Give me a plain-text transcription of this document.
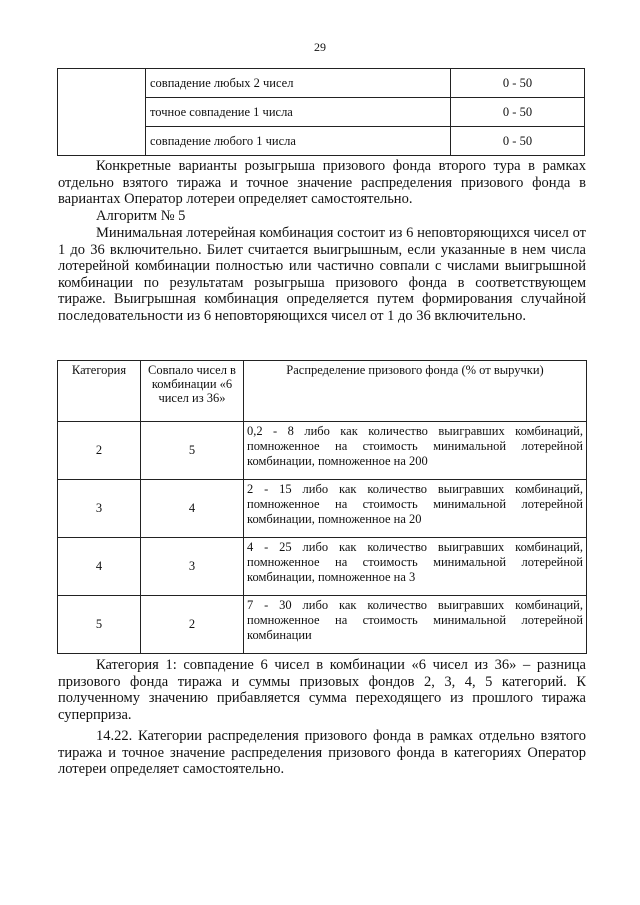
29
	совпадение любых 2 чисел	0 - 50
	точное совпадение 1 числа	0 - 50
	совпадение любого 1 числа	0 - 50

Конкретные варианты розыгрыша призового фонда второго тура в рамках отдельно взятого тиража и точное значение распределения призового фонда в вариантах Оператор лотереи определяет самостоятельно.

Алгоритм № 5

Минимальная лотерейная комбинация состоит из 6 неповторяющихся чисел от 1 до 36 включительно. Билет считается выигрышным, если указанные в нем числа лотерейной комбинации полностью или частично совпали с числами выигрышной комбинации по результатам розыгрыша призового фонда в соответствующем тираже. Выигрышная комбинация определяется путем формирования случайной последовательности из 6 неповторяющихся чисел от 1 до 36 включительно.

Категория	Совпало чисел в комбинации «6 чисел из 36»	Распределение призового фонда (% от выручки)
2	5	0,2 - 8 либо как количество выигравших комбинаций, помноженное на стоимость минимальной лотерейной комбинации, помноженное на 200
3	4	2 - 15 либо как количество выигравших комбинаций, помноженное на стоимость минимальной лотерейной комбинации, помноженное на 20
4	3	4 - 25 либо как количество выигравших комбинаций, помноженное на стоимость минимальной лотерейной комбинации, помноженное на 3
5	2	7 - 30 либо как количество выигравших комбинаций, помноженное на стоимость минимальной лотерейной комбинации

Категория 1: совпадение 6 чисел в комбинации «6 чисел из 36» – разница призового фонда тиража и суммы призовых фондов 2, 3, 4, 5 категорий. К полученному значению прибавляется сумма переходящего из прошлого тиража суперприза.

14.22. Категории распределения призового фонда в рамках отдельно взятого тиража и точное значение распределения призового фонда в категориях Оператор лотереи определяет самостоятельно.
